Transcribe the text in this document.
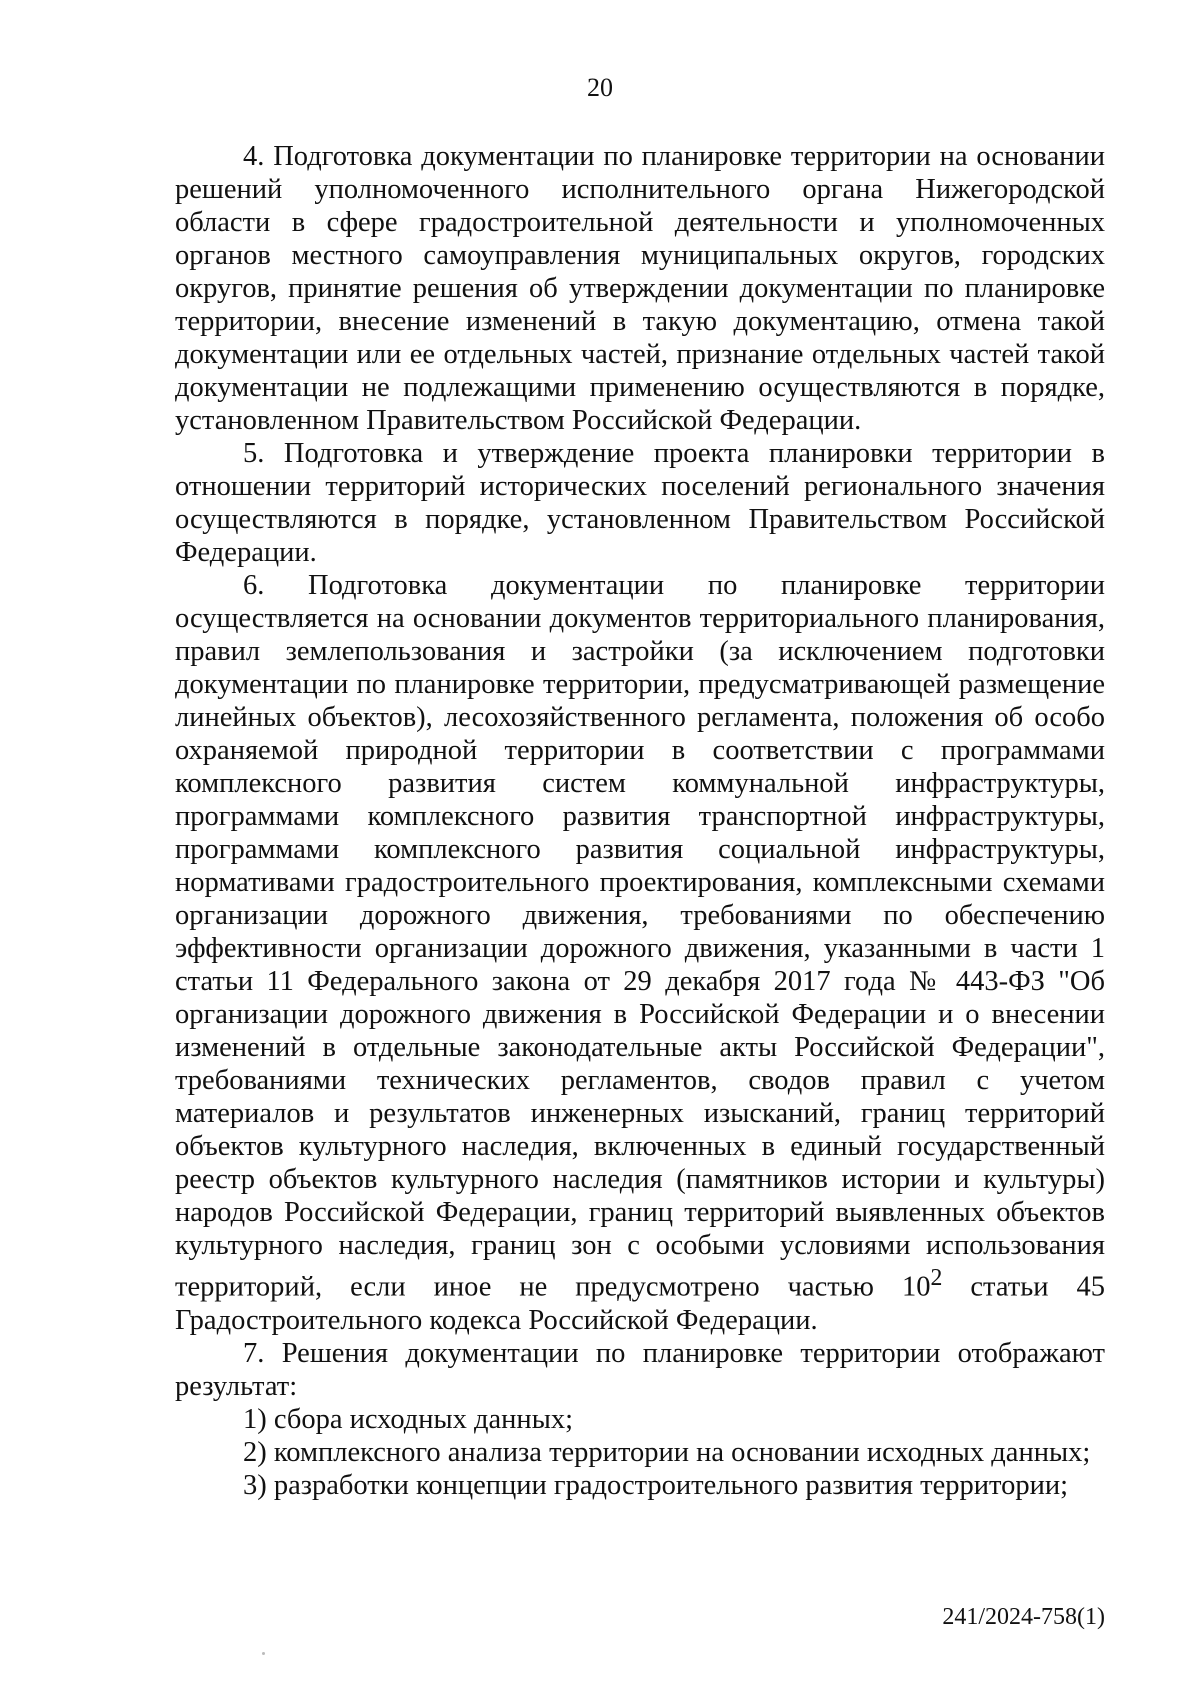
20

4. Подготовка документации по планировке территории на основании решений уполномоченного исполнительного органа Нижегородской области в сфере градостроительной деятельности и уполномоченных органов местного самоуправления муниципальных округов, городских округов, принятие решения об утверждении документации по планировке территории, внесение изменений в такую документацию, отмена такой документации или ее отдельных частей, признание отдельных частей такой документации не подлежащими применению осуществляются в порядке, установленном Правительством Российской Федерации.

5. Подготовка и утверждение проекта планировки территории в отношении территорий исторических поселений регионального значения осуществляются в порядке, установленном Правительством Российской Федерации.

6. Подготовка документации по планировке территории осуществляется на основании документов территориального планирования, правил землепользования и застройки (за исключением подготовки документации по планировке территории, предусматривающей размещение линейных объектов), лесохозяйственного регламента, положения об особо охраняемой природной территории в соответствии с программами комплексного развития систем коммунальной инфраструктуры, программами комплексного развития транспортной инфраструктуры, программами комплексного развития социальной инфраструктуры, нормативами градостроительного проектирования, комплексными схемами организации дорожного движения, требованиями по обеспечению эффективности организации дорожного движения, указанными в части 1 статьи 11 Федерального закона от 29 декабря 2017 года № 443-ФЗ "Об организации дорожного движения в Российской Федерации и о внесении изменений в отдельные законодательные акты Российской Федерации", требованиями технических регламентов, сводов правил с учетом материалов и результатов инженерных изысканий, границ территорий объектов культурного наследия, включенных в единый государственный реестр объектов культурного наследия (памятников истории и культуры) народов Российской Федерации, границ территорий выявленных объектов культурного наследия, границ зон с особыми условиями использования территорий, если иное не предусмотрено частью $10^2$ статьи 45 Градостроительного кодекса Российской Федерации.

7. Решения документации по планировке территории отображают результат:

1) сбора исходных данных;

2) комплексного анализа территории на основании исходных данных;

3) разработки концепции градостроительного развития территории;

241/2024-758(1)
